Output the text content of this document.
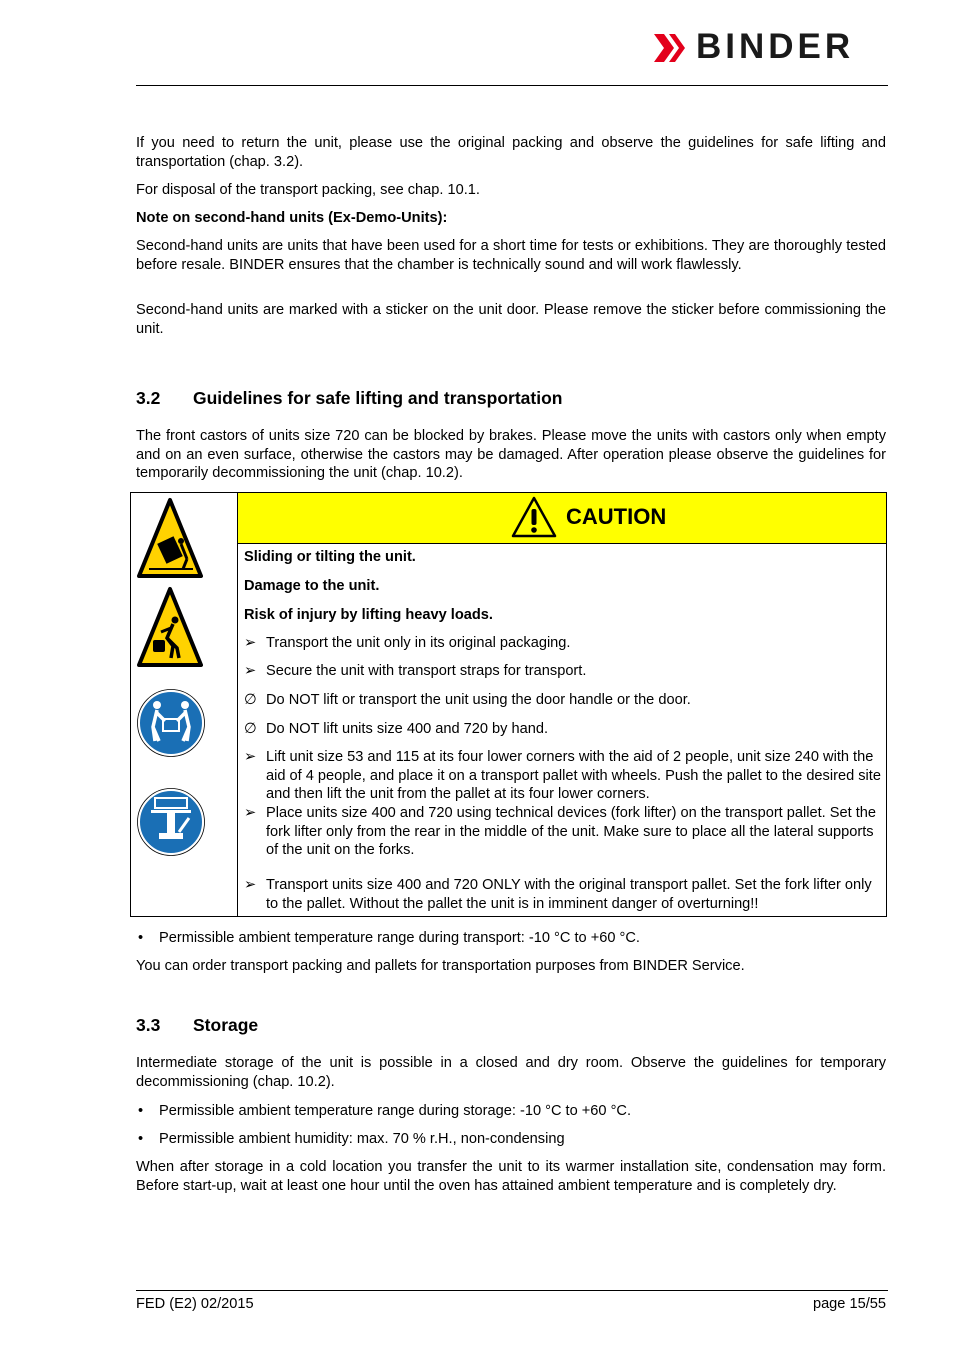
BINDER

If you need to return the unit, please use the original packing and observe the guidelines for safe lifting and transportation (chap. 3.2).

For disposal of the transport packing, see chap. 10.1.

Note on second-hand units (Ex-Demo-Units):

Second-hand units are units that have been used for a short time for tests or exhibitions. They are thoroughly tested before resale. BINDER ensures that the chamber is technically sound and will work flawlessly.

Second-hand units are marked with a sticker on the unit door. Please remove the sticker before commissioning the unit.

3.2 Guidelines for safe lifting and transportation

The front castors of units size 720 can be blocked by brakes. Please move the units with castors only when empty and on an even surface, otherwise the castors may be damaged. After operation please observe the guidelines for temporarily decommissioning the unit (chap. 10.2).

CAUTION

Sliding or tilting the unit.

Damage to the unit.

Risk of injury by lifting heavy loads.

➢ Transport the unit only in its original packaging.
➢ Secure the unit with transport straps for transport.
∅ Do NOT lift or transport the unit using the door handle or the door.
∅ Do NOT lift units size 400 and 720 by hand.
➢ Lift unit size 53 and 115 at its four lower corners with the aid of 2 people, unit size 240 with the aid of 4 people, and place it on a transport pallet with wheels. Push the pallet to the desired site and then lift the unit from the pallet at its four lower corners.
➢ Place units size 400 and 720 using technical devices (fork lifter) on the transport pallet. Set the fork lifter only from the rear in the middle of the unit. Make sure to place all the lateral supports of the unit on the forks.
➢ Transport units size 400 and 720 ONLY with the original transport pallet. Set the fork lifter only to the pallet. Without the pallet the unit is in imminent danger of overturning!!
• Permissible ambient temperature range during transport: -10 °C to +60 °C.

You can order transport packing and pallets for transportation purposes from BINDER Service.

3.3 Storage

Intermediate storage of the unit is possible in a closed and dry room. Observe the guidelines for temporary decommissioning (chap. 10.2).

• Permissible ambient temperature range during storage: -10 °C to +60 °C.
• Permissible ambient humidity: max. 70 % r.H., non-condensing

When after storage in a cold location you transfer the unit to its warmer installation site, condensation may form. Before start-up, wait at least one hour until the oven has attained ambient temperature and is completely dry.

FED (E2) 02/2015	page 15/55
